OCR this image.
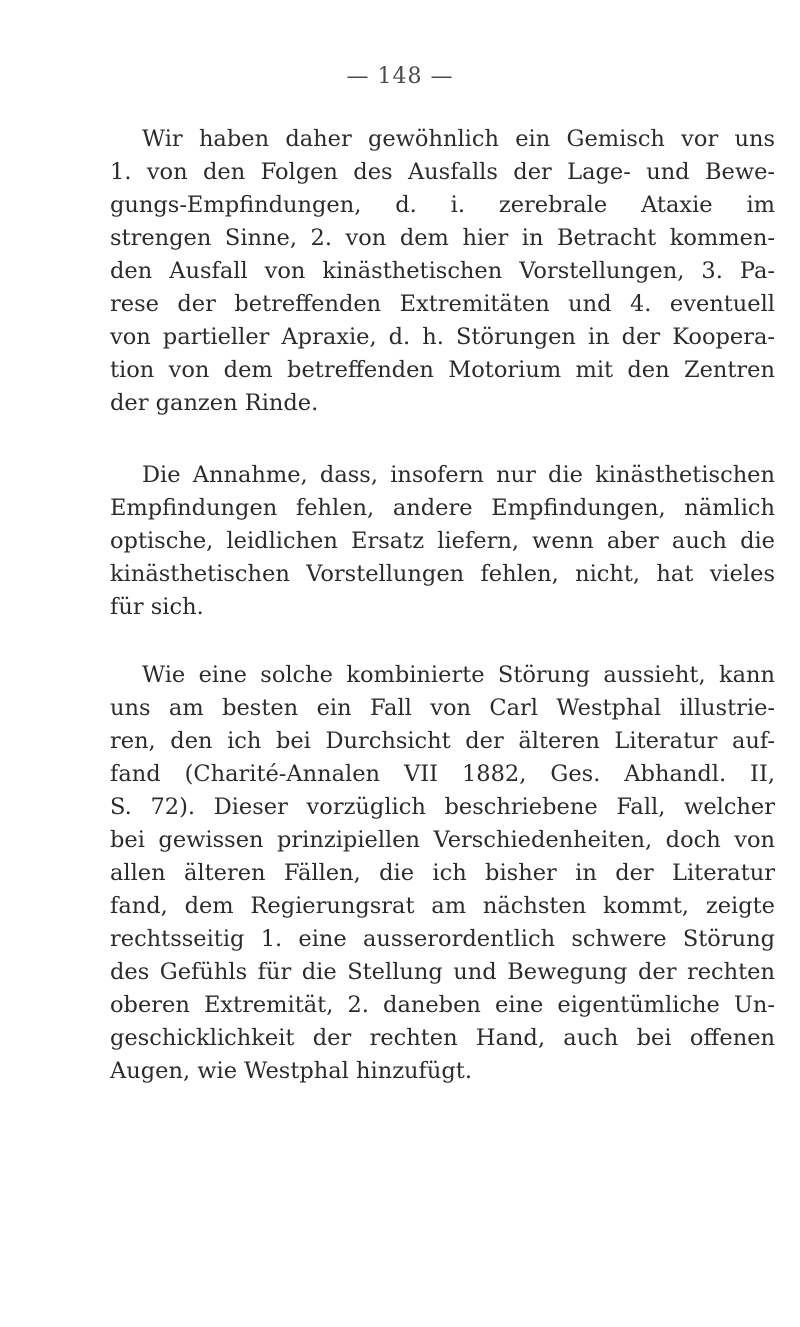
— 148 —
Wir haben daher gewöhnlich ein Gemisch vor uns
1. von den Folgen des Ausfalls der Lage- und Bewe-
gungs-Empfindungen, d. i. zerebrale Ataxie im
strengen Sinne, 2. von dem hier in Betracht kommen-
den Ausfall von kinästhetischen Vorstellungen, 3. Pa-
rese der betreffenden Extremitäten und 4. eventuell
von partieller Apraxie, d. h. Störungen in der Koopera-
tion von dem betreffenden Motorium mit den Zentren
der ganzen Rinde.
Die Annahme, dass, insofern nur die kinästhetischen
Empfindungen fehlen, andere Empfindungen, nämlich
optische, leidlichen Ersatz liefern, wenn aber auch die
kinästhetischen Vorstellungen fehlen, nicht, hat vieles
für sich.
Wie eine solche kombinierte Störung aussieht, kann
uns am besten ein Fall von Carl Westphal illustrie-
ren, den ich bei Durchsicht der älteren Literatur auf-
fand (Charité-Annalen VII 1882, Ges. Abhandl. II,
S. 72). Dieser vorzüglich beschriebene Fall, welcher
bei gewissen prinzipiellen Verschiedenheiten, doch von
allen älteren Fällen, die ich bisher in der Literatur
fand, dem Regierungsrat am nächsten kommt, zeigte
rechtsseitig 1. eine ausserordentlich schwere Störung
des Gefühls für die Stellung und Bewegung der rechten
oberen Extremität, 2. daneben eine eigentümliche Un-
geschicklichkeit der rechten Hand, auch bei offenen
Augen, wie Westphal hinzufügt.
